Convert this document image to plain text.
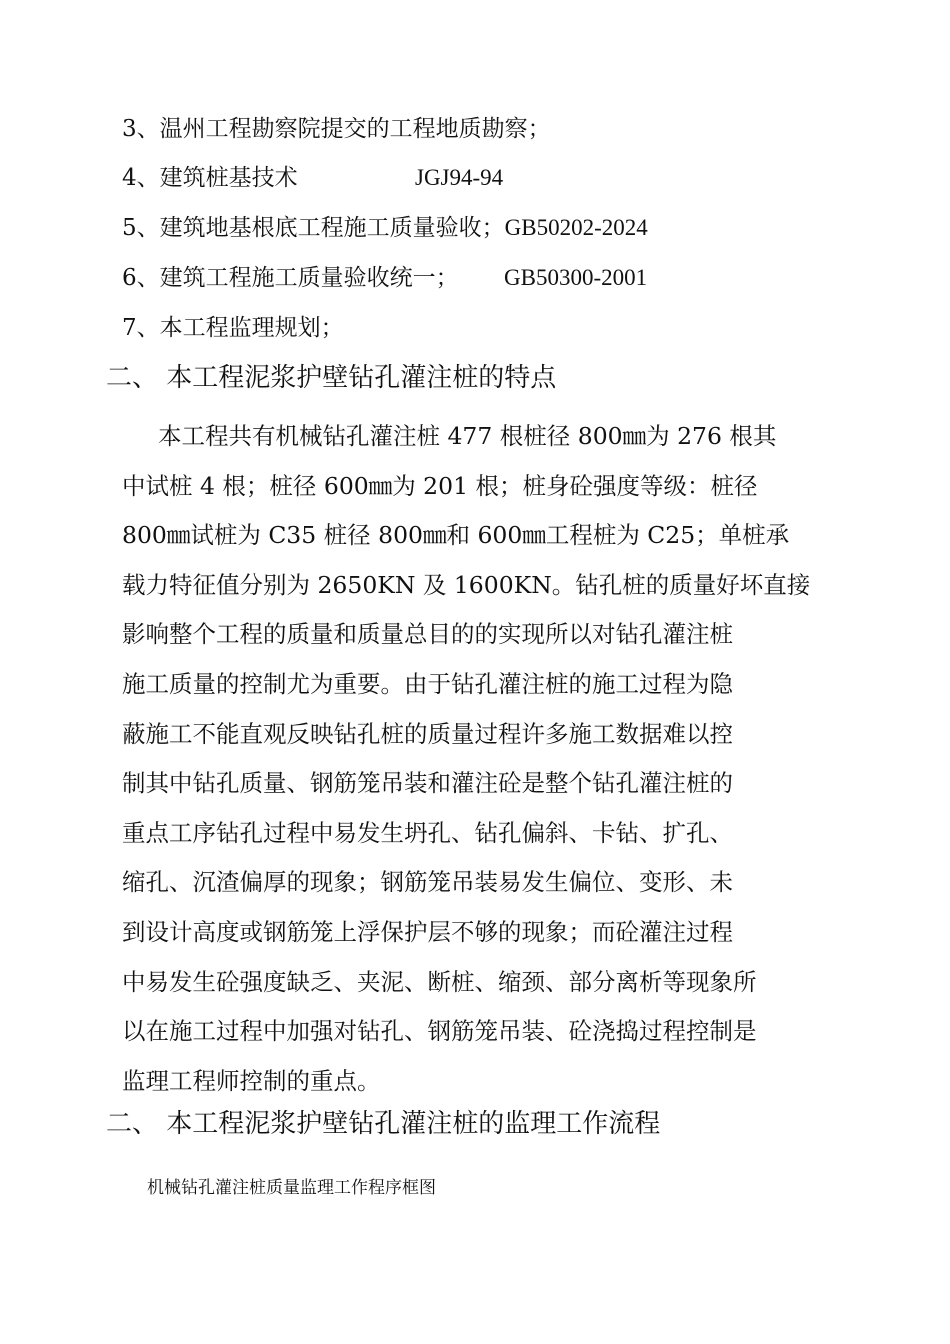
3、温州工程勘察院提交的工程地质勘察；
4、建筑桩基技术	JGJ94-94
5、建筑地基根底工程施工质量验收；GB50202-2024
6、建筑工程施工质量验收统一； GB50300-2001
7、本工程监理规划；
二、 本工程泥浆护壁钻孔灌注桩的特点
本工程共有机械钻孔灌注桩 477 根桩径 800㎜为 276 根其
中试桩 4 根；桩径 600㎜为 201 根；桩身砼强度等级：桩径
800㎜试桩为 C35 桩径 800㎜和 600㎜工程桩为 C25；单桩承
载力特征值分别为 2650KN 及 1600KN。钻孔桩的质量好坏直接
影响整个工程的质量和质量总目的的实现所以对钻孔灌注桩
施工质量的控制尤为重要。由于钻孔灌注桩的施工过程为隐
蔽施工不能直观反映钻孔桩的质量过程许多施工数据难以控
制其中钻孔质量、钢筋笼吊装和灌注砼是整个钻孔灌注桩的
重点工序钻孔过程中易发生坍孔、钻孔偏斜、卡钻、扩孔、
缩孔、沉渣偏厚的现象；钢筋笼吊装易发生偏位、变形、未
到设计高度或钢筋笼上浮保护层不够的现象；而砼灌注过程
中易发生砼强度缺乏、夹泥、断桩、缩颈、部分离析等现象所
以在施工过程中加强对钻孔、钢筋笼吊装、砼浇捣过程控制是
监理工程师控制的重点。
二、 本工程泥浆护壁钻孔灌注桩的监理工作流程
机械钻孔灌注桩质量监理工作程序框图
